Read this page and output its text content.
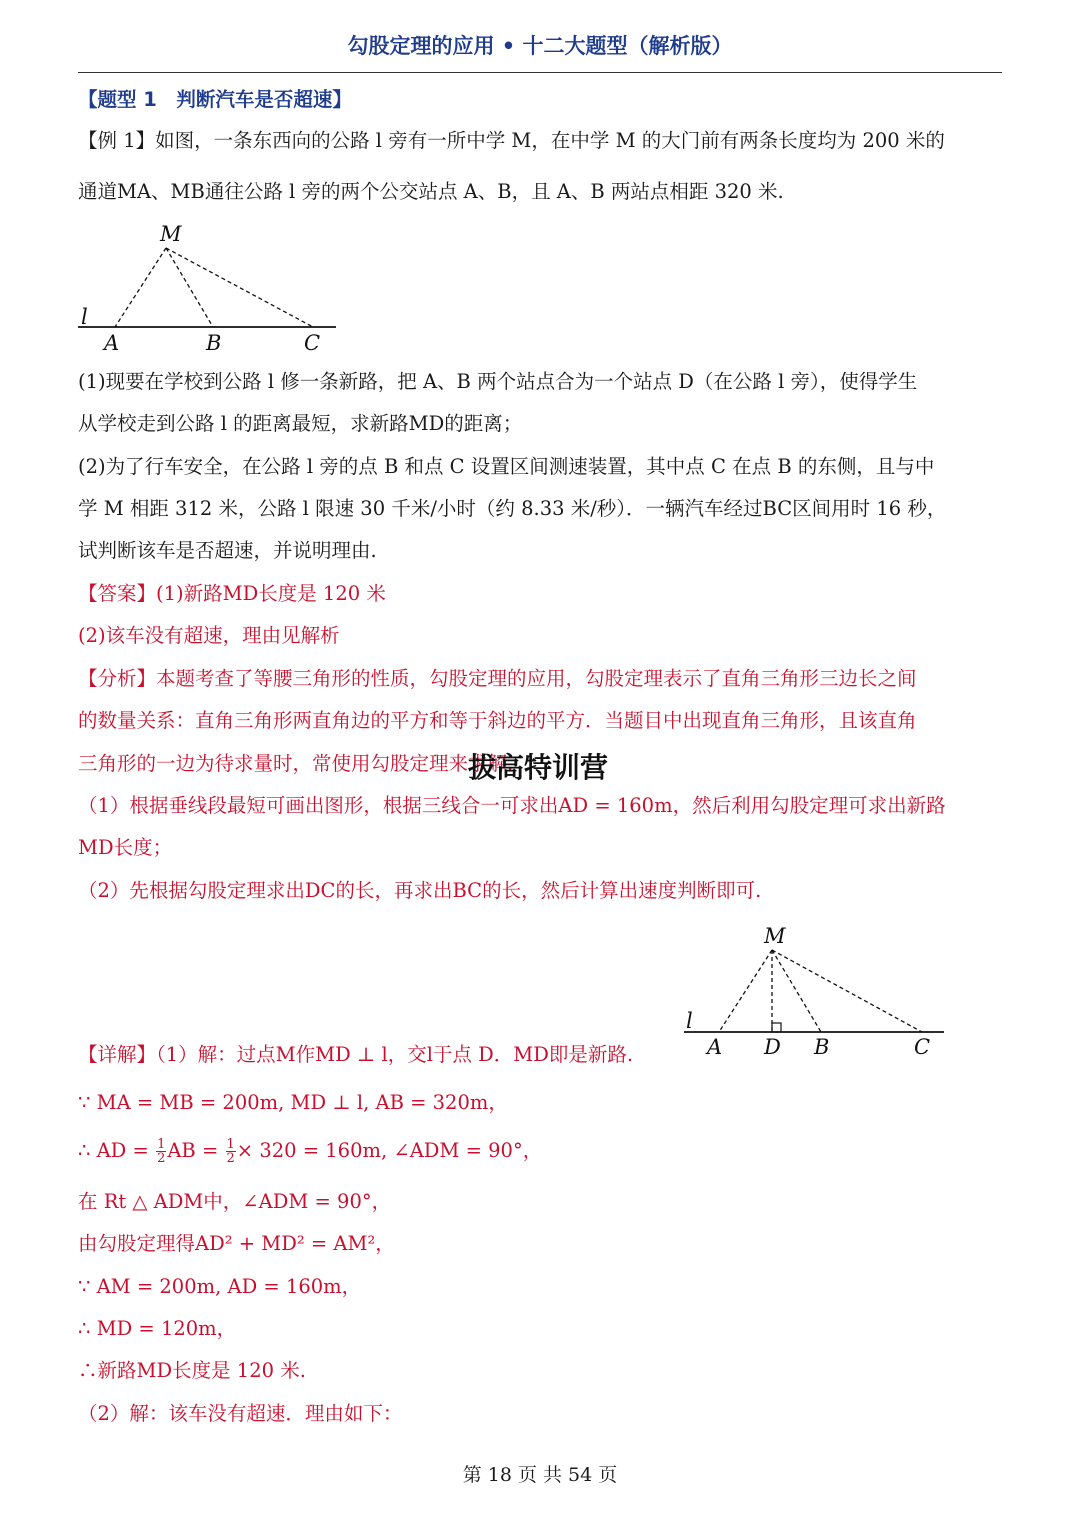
勾股定理的应用 • 十二大题型（解析版）
【题型 1　判断汽车是否超速】
【例 1】如图，一条东西向的公路 l 旁有一所中学 M，在中学 M 的大门前有两条长度均为 200 米的
通道MA、MB通往公路 l 旁的两个公交站点 A、B，且 A、B 两站点相距 320 米.
M
l
A	B	C
(1)现要在学校到公路 l 修一条新路，把 A、B 两个站点合为一个站点 D（在公路 l 旁），使得学生
从学校走到公路 l 的距离最短，求新路MD的距离；
(2)为了行车安全，在公路 l 旁的点 B 和点 C 设置区间测速装置，其中点 C 在点 B 的东侧，且与中
学 M 相距 312 米，公路 l 限速 30 千米/小时（约 8.33 米/秒）．一辆汽车经过BC区间用时 16 秒，
试判断该车是否超速，并说明理由.
【答案】(1)新路MD长度是 120 米
(2)该车没有超速，理由见解析
【分析】本题考查了等腰三角形的性质，勾股定理的应用，勾股定理表示了直角三角形三边长之间
的数量关系：直角三角形两直角边的平方和等于斜边的平方．当题目中出现直角三角形，且该直角
三角形的一边为待求量时，常使用勾股定理来求解.
拔高特训营
（1）根据垂线段最短可画出图形，根据三线合一可求出AD = 160m，然后利用勾股定理可求出新路
MD长度；
（2）先根据勾股定理求出DC的长，再求出BC的长，然后计算出速度判断即可.
M
l
A D B	C
【详解】（1）解：过点M作MD ⊥ l，交l于点 D．MD即是新路.
∵ MA = MB = 200m, MD ⊥ l, AB = 320m，
∴ AD = $\frac{1}{2}$ AB = $\frac{1}{2} \times 320 = 160m$, ∠ADM = 90°，
在 Rt △ ADM中，∠ADM = 90°，
由勾股定理得AD² + MD² = AM²，
∵ AM = 200m, AD = 160m，
∴ MD = 120m，
∴新路MD长度是 120 米.
（2）解：该车没有超速．理由如下：
第 18 页 共 54 页
